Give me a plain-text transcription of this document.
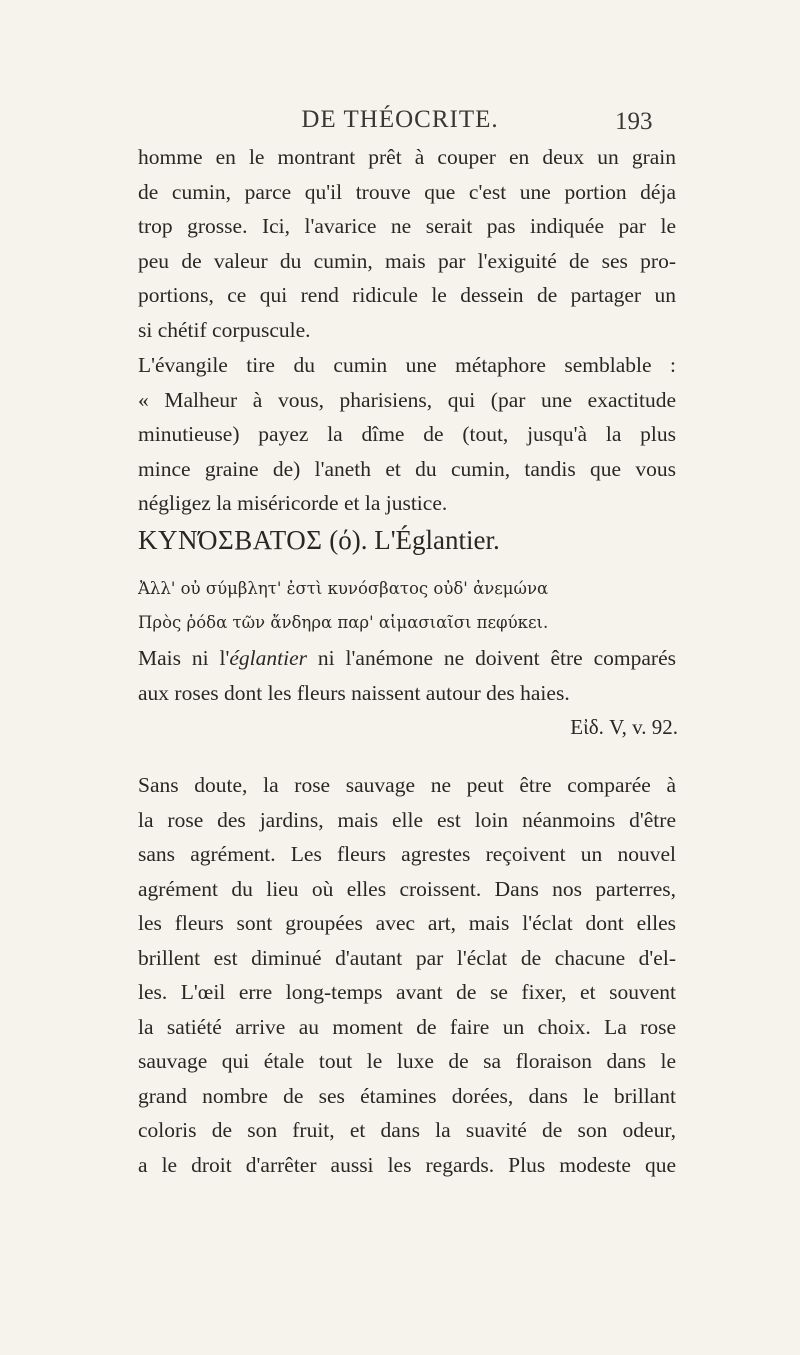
DE THÉOCRITE.	193
homme en le montrant prêt à couper en deux un grain
de cumin, parce qu'il trouve que c'est une portion déja
trop grosse. Ici, l'avarice ne serait pas indiquée par le
peu de valeur du cumin, mais par l'exiguité de ses pro-
portions, ce qui rend ridicule le dessein de partager un
si chétif corpuscule.
L'évangile tire du cumin une métaphore semblable :
« Malheur à vous, pharisiens, qui (par une exactitude
minutieuse) payez la dîme de (tout, jusqu'à la plus
mince graine de) l'aneth et du cumin, tandis que vous
négligez la miséricorde et la justice.
ΚΥΝΌΣΒΑΤΟΣ (ό). L'Églantier.
Ἀλλ' οὐ σύμβλητ' ἐστὶ κυνόσβατος οὐδ' ἀνεμώνα
Πρὸς ῥόδα τῶν ἄνδηρα παρ' αἱμασιαῖσι πεφύκει.
Mais ni l'églantier ni l'anémone ne doivent être comparés
aux roses dont les fleurs naissent autour des haies.
Εἰδ. V, v. 92.
Sans doute, la rose sauvage ne peut être comparée à
la rose des jardins, mais elle est loin néanmoins d'être
sans agrément. Les fleurs agrestes reçoivent un nouvel
agrément du lieu où elles croissent. Dans nos parterres,
les fleurs sont groupées avec art, mais l'éclat dont elles
brillent est diminué d'autant par l'éclat de chacune d'el-
les. L'œil erre long-temps avant de se fixer, et souvent
la satiété arrive au moment de faire un choix. La rose
sauvage qui étale tout le luxe de sa floraison dans le
grand nombre de ses étamines dorées, dans le brillant
coloris de son fruit, et dans la suavité de son odeur,
a le droit d'arrêter aussi les regards. Plus modeste que
